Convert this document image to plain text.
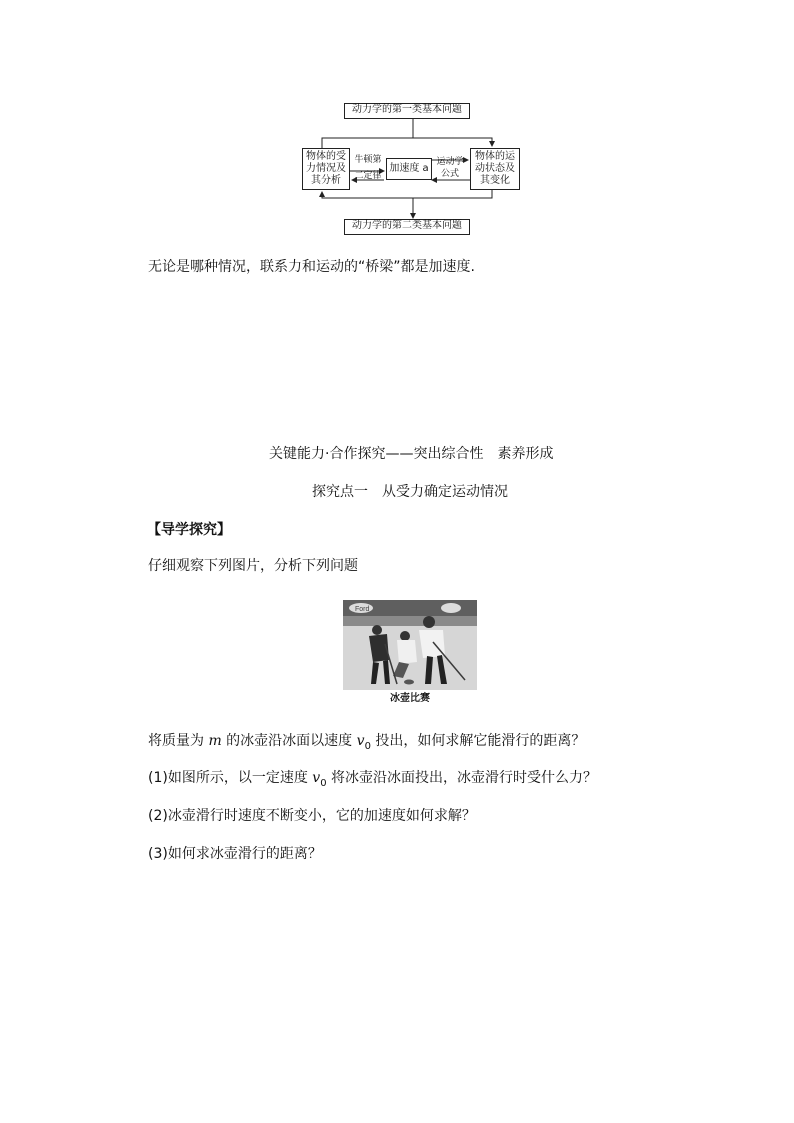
动力学的第一类基本问题
物体的受
力情况及
其分析
牛顿第
二定律
加速度 a
运动学
公式
物体的运
动状态及
其变化
动力学的第二类基本问题
无论是哪种情况，联系力和运动的“桥梁”都是加速度.
关键能力·合作探究——突出综合性　素养形成
探究点一　从受力确定运动情况
【导学探究】
仔细观察下列图片，分析下列问题
Ford
冰壶比赛
将质量为 m 的冰壶沿冰面以速度 $v_0$ 投出，如何求解它能滑行的距离？
(1)如图所示，以一定速度 $v_0$ 将冰壶沿冰面投出，冰壶滑行时受什么力？
(2)冰壶滑行时速度不断变小，它的加速度如何求解？
(3)如何求冰壶滑行的距离？
